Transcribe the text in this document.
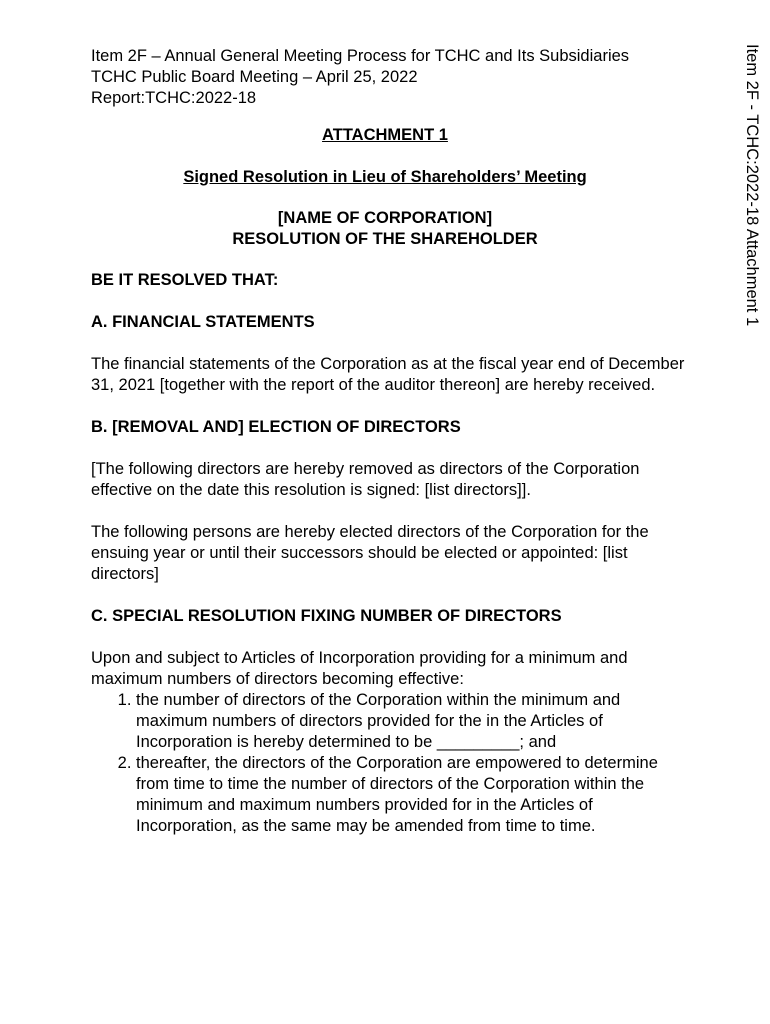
Item 2F – Annual General Meeting Process for TCHC and Its Subsidiaries
TCHC Public Board Meeting – April 25, 2022
Report:TCHC:2022-18	Item 2F - TCHC:2022-18 Attachment 1
ATTACHMENT 1
Signed Resolution in Lieu of Shareholders’ Meeting
[NAME OF CORPORATION]
RESOLUTION OF THE SHAREHOLDER
BE IT RESOLVED THAT:
A. FINANCIAL STATEMENTS

The financial statements of the Corporation as at the fiscal year end of December 31, 2021 [together with the report of the auditor thereon] are hereby received.

B. [REMOVAL AND] ELECTION OF DIRECTORS

[The following directors are hereby removed as directors of the Corporation effective on the date this resolution is signed: [list directors]].

The following persons are hereby elected directors of the Corporation for the ensuing year or until their successors should be elected or appointed: [list directors]

C. SPECIAL RESOLUTION FIXING NUMBER OF DIRECTORS

Upon and subject to Articles of Incorporation providing for a minimum and maximum numbers of directors becoming effective:

1. the number of directors of the Corporation within the minimum and maximum numbers of directors provided for the in the Articles of Incorporation is hereby determined to be _________; and
2. thereafter, the directors of the Corporation are empowered to determine from time to time the number of directors of the Corporation within the minimum and maximum numbers provided for in the Articles of Incorporation, as the same may be amended from time to time.
